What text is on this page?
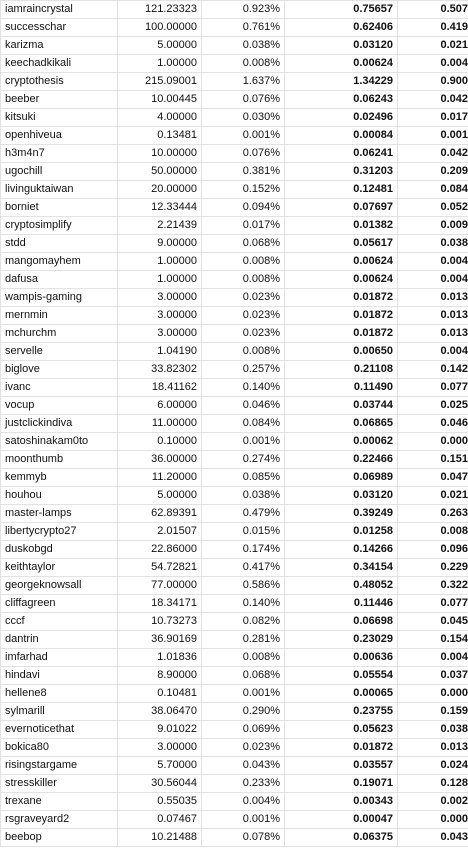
iamraincrystal	121.23323	0.923%	0.75657	0.507
successchar	100.00000	0.761%	0.62406	0.419
karizma	5.00000	0.038%	0.03120	0.021
keechadkikali	1.00000	0.008%	0.00624	0.004
cryptothesis	215.09001	1.637%	1.34229	0.900
beeber	10.00445	0.076%	0.06243	0.042
kitsuki	4.00000	0.030%	0.02496	0.017
openhiveua	0.13481	0.001%	0.00084	0.001
h3m4n7	10.00000	0.076%	0.06241	0.042
ugochill	50.00000	0.381%	0.31203	0.209
livinguktaiwan	20.00000	0.152%	0.12481	0.084
borniet	12.33444	0.094%	0.07697	0.052
cryptosimplify	2.21439	0.017%	0.01382	0.009
stdd	9.00000	0.068%	0.05617	0.038
mangomayhem	1.00000	0.008%	0.00624	0.004
dafusa	1.00000	0.008%	0.00624	0.004
wampis-gaming	3.00000	0.023%	0.01872	0.013
mernmin	3.00000	0.023%	0.01872	0.013
mchurchm	3.00000	0.023%	0.01872	0.013
servelle	1.04190	0.008%	0.00650	0.004
biglove	33.82302	0.257%	0.21108	0.142
ivanc	18.41162	0.140%	0.11490	0.077
vocup	6.00000	0.046%	0.03744	0.025
justclickindiva	11.00000	0.084%	0.06865	0.046
satoshinakam0to	0.10000	0.001%	0.00062	0.000
moonthumb	36.00000	0.274%	0.22466	0.151
kemmyb	11.20000	0.085%	0.06989	0.047
houhou	5.00000	0.038%	0.03120	0.021
master-lamps	62.89391	0.479%	0.39249	0.263
libertycrypto27	2.01507	0.015%	0.01258	0.008
duskobgd	22.86000	0.174%	0.14266	0.096
keithtaylor	54.72821	0.417%	0.34154	0.229
georgeknowsall	77.00000	0.586%	0.48052	0.322
cliffagreen	18.34171	0.140%	0.11446	0.077
cccf	10.73273	0.082%	0.06698	0.045
dantrin	36.90169	0.281%	0.23029	0.154
imfarhad	1.01836	0.008%	0.00636	0.004
hindavi	8.90000	0.068%	0.05554	0.037
hellene8	0.10481	0.001%	0.00065	0.000
sylmarill	38.06470	0.290%	0.23755	0.159
evernoticethat	9.01022	0.069%	0.05623	0.038
bokica80	3.00000	0.023%	0.01872	0.013
risingstargame	5.70000	0.043%	0.03557	0.024
stresskiller	30.56044	0.233%	0.19071	0.128
trexane	0.55035	0.004%	0.00343	0.002
rsgraveyard2	0.07467	0.001%	0.00047	0.000
beebop	10.21488	0.078%	0.06375	0.043
